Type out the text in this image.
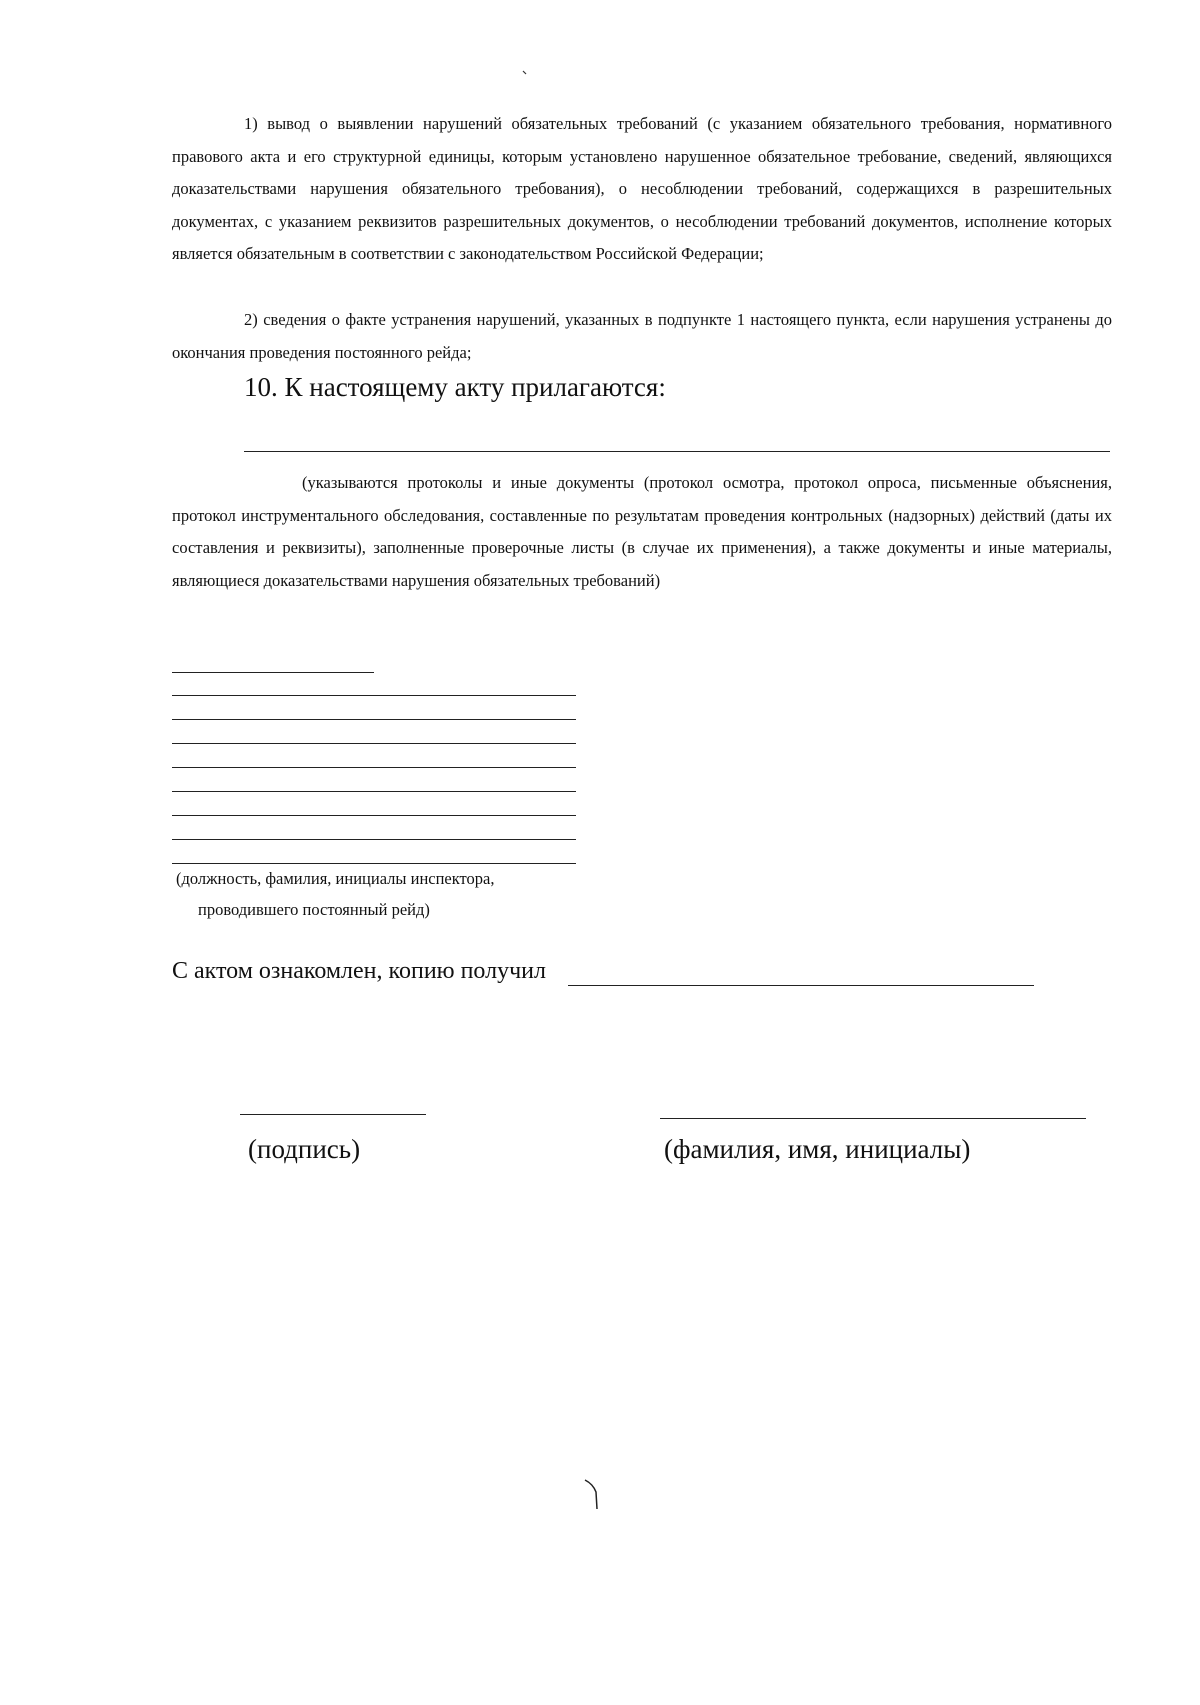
1) вывод о выявлении нарушений обязательных требований (с указанием обязательного требования, нормативного правового акта и его структурной единицы, которым установлено нарушенное обязательное требование, сведений, являющихся доказательствами нарушения обязательного требования), о несоблюдении требований, содержащихся в разрешительных документах, с указанием реквизитов разрешительных документов, о несоблюдении требований документов, исполнение которых является обязательным в соответствии с законодательством Российской Федерации;

2) сведения о факте устранения нарушений, указанных в подпункте 1 настоящего пункта, если нарушения устранены до окончания проведения постоянного рейда;

10. К настоящему акту прилагаются:

(указываются протоколы и иные документы (протокол осмотра, протокол опроса, письменные объяснения, протокол инструментального обследования, составленные по результатам проведения контрольных (надзорных) действий (даты их составления и реквизиты), заполненные проверочные листы (в случае их применения), а также документы и иные материалы, являющиеся доказательствами нарушения обязательных требований)

(должность, фамилия, инициалы инспектора,

проводившего постоянный рейд)

С актом ознакомлен, копию получил

(подпись)	(фамилия, имя, инициалы)
